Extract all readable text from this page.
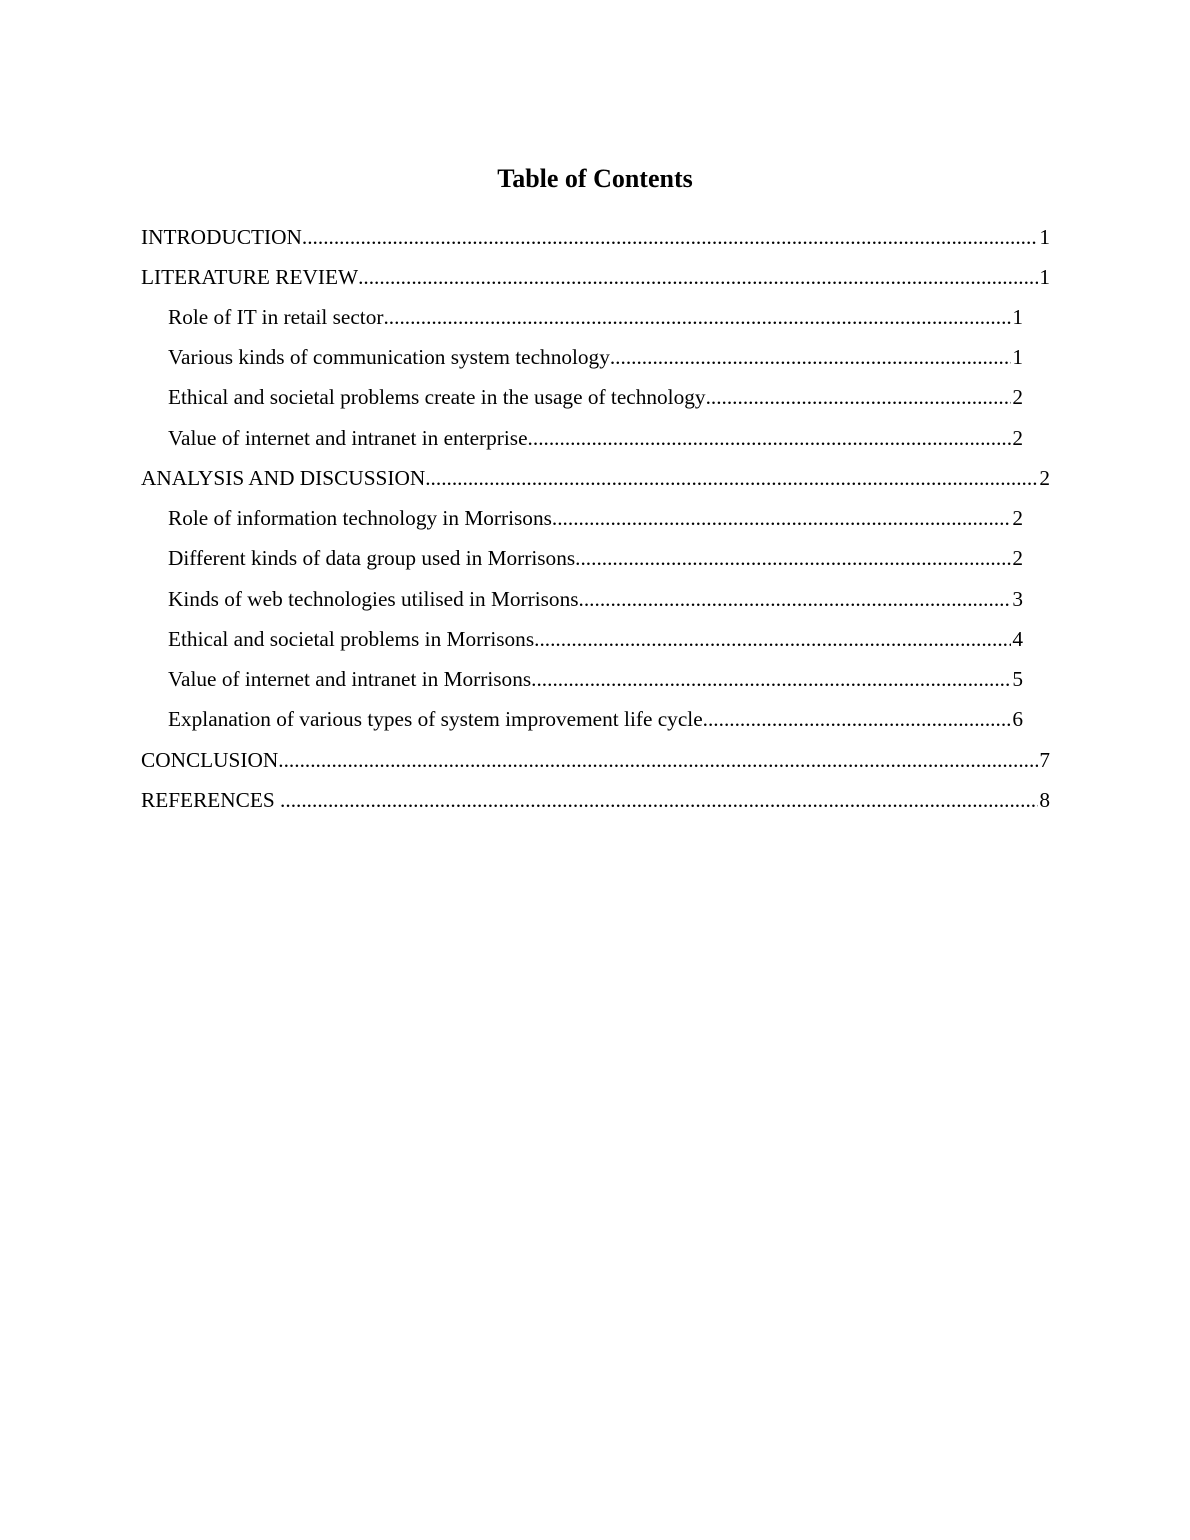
Table of Contents
INTRODUCTION .....	1
LITERATURE REVIEW .....	1
Role of IT in retail sector .....	1
Various kinds of communication system technology .....	1
Ethical and societal problems create in the usage of technology .....	2
Value of internet and intranet in enterprise .....	2
ANALYSIS AND DISCUSSION .....	2
Role of information technology in Morrisons .....	2
Different kinds of data group used in Morrisons .....	2
Kinds of web technologies utilised in Morrisons .....	3
Ethical and societal problems in Morrisons .....	4
Value of internet and intranet in Morrisons .....	5
Explanation of various types of system improvement life cycle .....	6
CONCLUSION .....	7
REFERENCES .....	8
